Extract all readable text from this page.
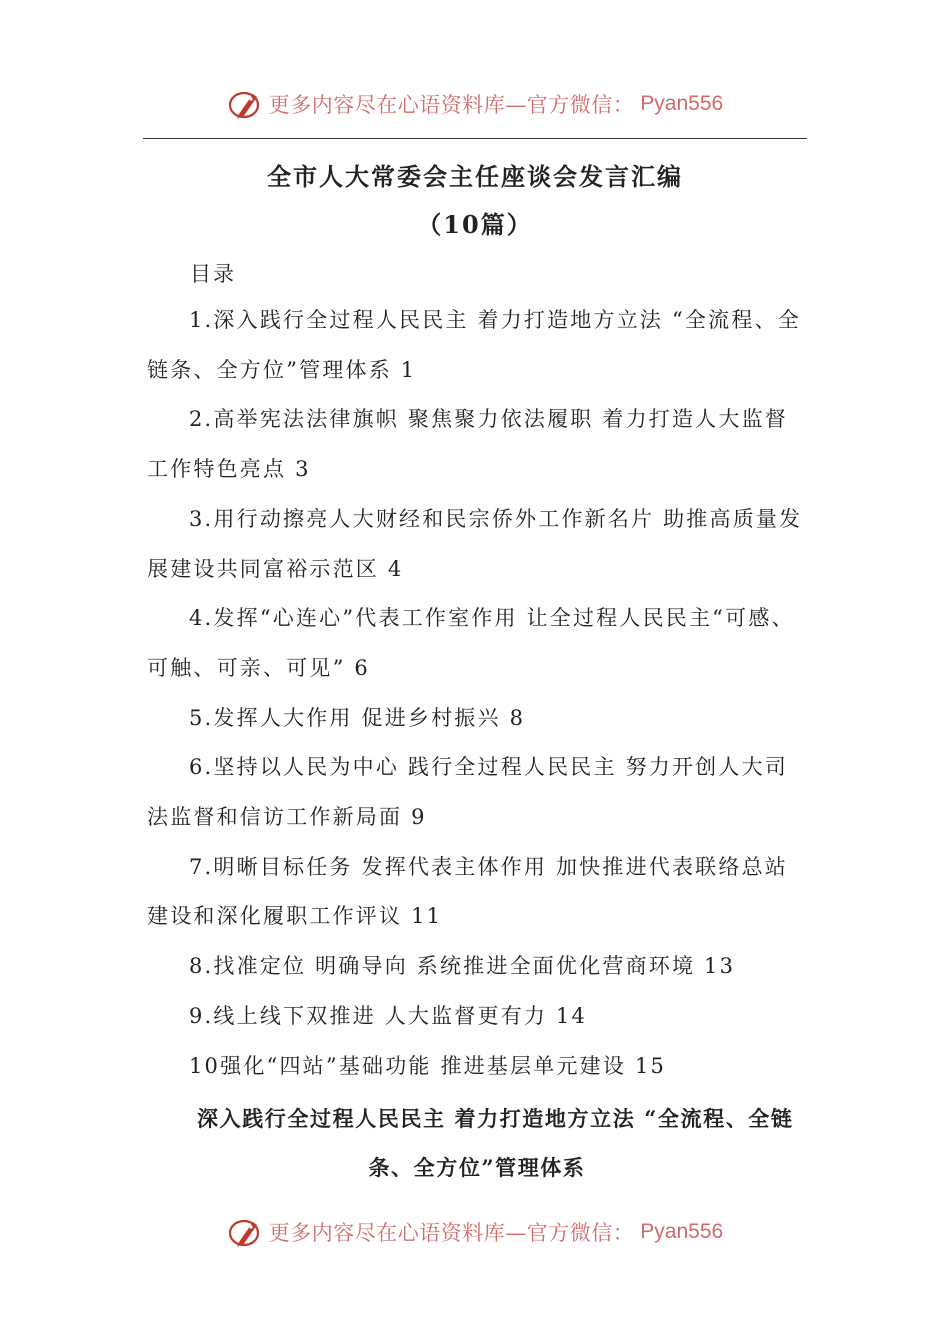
更多内容尽在心语资料库—官方微信： Pyan556
全市人大常委会主任座谈会发言汇编
（10篇）
目录

1.深入践行全过程人民民主 着力打造地方立法 “全流程、全链条、全方位”管理体系 1

2.高举宪法法律旗帜 聚焦聚力依法履职 着力打造人大监督工作特色亮点 3

3.用行动擦亮人大财经和民宗侨外工作新名片 助推高质量发展建设共同富裕示范区 4

4.发挥“心连心”代表工作室作用 让全过程人民民主“可感、可触、可亲、可见” 6

5.发挥人大作用 促进乡村振兴 8

6.坚持以人民为中心 践行全过程人民民主 努力开创人大司法监督和信访工作新局面 9

7.明晰目标任务 发挥代表主体作用 加快推进代表联络总站建设和深化履职工作评议 11

8.找准定位 明确导向 系统推进全面优化营商环境 13

9.线上线下双推进 人大监督更有力 14

10强化“四站”基础功能 推进基层单元建设 15

深入践行全过程人民民主 着力打造地方立法 “全流程、全链
条、全方位”管理体系
更多内容尽在心语资料库—官方微信： Pyan556
